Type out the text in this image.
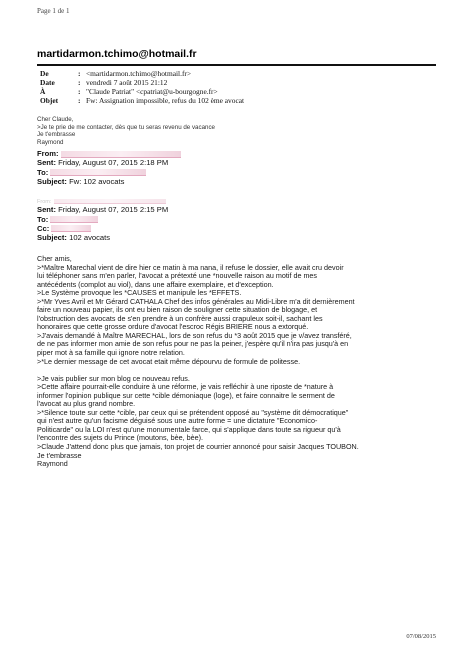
Page 1 de 1
martidarmon.tchimo@hotmail.fr
De	:	<martidarmon.tchimo@hotmail.fr>
Date	:	vendredi 7 août 2015 21:12
À	:	"Claude Patriat" <cpatriat@u-bourgogne.fr>
Objet	:	Fw: Assignation impossible, refus du 102 ème avocat
Cher Claude,
>Je te prie de me contacter, dès que tu seras revenu de vacance
Je t'embrasse
Raymond
From:
Sent: Friday, August 07, 2015 2:18 PM
To:
Subject: Fw: 102 avocats
From:
Sent: Friday, August 07, 2015 2:15 PM
To:
Cc:
Subject: 102 avocats

Cher amis,

>*Maître Marechal vient de dire hier ce matin à ma nana, il refuse le dossier, elle avait cru devoir

lui téléphoner sans m'en parler, l'avocat a prétexté une *nouvelle raison au motif de mes

antécédents (complot au viol), dans une affaire exemplaire, et d'exception.

>Le Système provoque les *CAUSES et manipule les *EFFETS.

>*Mr Yves Avril et Mr Gérard CATHALA Chef des infos générales au Midi-Libre m'a dit dernièrement

faire un nouveau papier, ils ont eu bien raison de souligner cette situation de blogage, et

l'obstruction des avocats de s'en prendre à un confrère aussi crapuleux soit-il, sachant les

honoraires que cette grosse ordure d'avocat l'escroc Régis BRIERE nous a extorqué.

>J'avais demandé à Maître MARECHAL, lors de son refus du *3 août 2015 que je v/avez transféré,

de ne pas informer mon amie de son refus pour ne pas la peiner, j'espère qu'il n'ira pas jusqu'à en

piper mot à sa famille qui ignore notre relation.

>*Le dernier message de cet avocat etait même dépourvu de formule de politesse.

>Je vais publier sur mon blog ce nouveau refus.

>Cette affaire pourrait-elle conduire à une réforme, je vais refléchir à une riposte de *nature à

informer l'opinion publique sur cette *cible démoniaque (loge), et faire connaitre le serment de

l'avocat au plus grand nombre.

>*Silence toute sur cette *cible, par ceux qui se prétendent opposé au "système dit démocratique"

qui n'est autre qu'un facisme déguisé sous une autre forme = une dictature "Economico-

Politicarde" ou la LOI n'est qu'une monumentale farce, qui s'applique dans toute sa rigueur qu'à

l'encontre des sujets du Prince (moutons, bèe, bèe).

>Claude J'attend donc plus que jamais, ton projet de courrier annoncé pour saisir Jacques TOUBON.

Je t'embrasse

Raymond

07/08/2015
